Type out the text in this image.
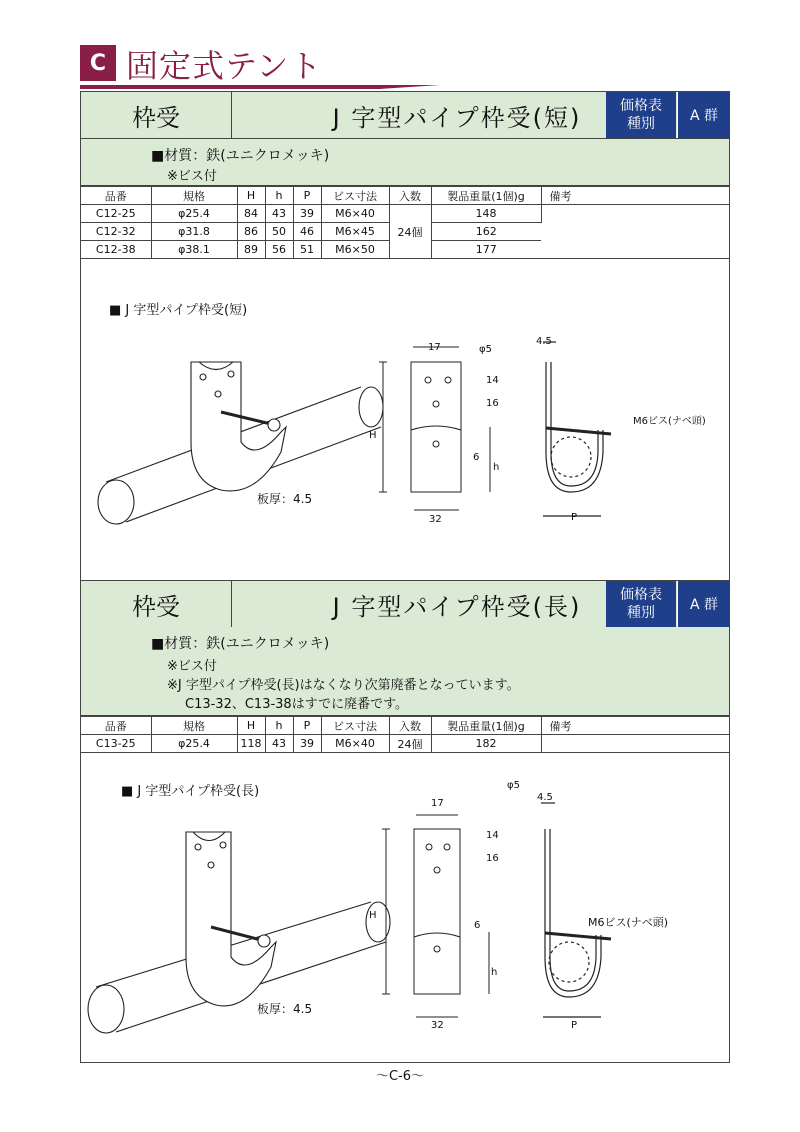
C 固定式テント
枠受	J 字型パイプ枠受(短)	価格表
種別	A 群
■材質：鉄(ユニクロメッキ)
※ビス付
品番	規格	H	h	P	ビス寸法	入数	製品重量(1個)g	備考
C12-25	φ25.4	84	43	39	M6×40	24個	148	
C12-32	φ31.8	86	50	46	M6×45		162	
C12-38	φ38.1	89	56	51	M6×50		177	
■ J 字型パイプ枠受(短)
板厚：4.5
17	φ5
14
16
H
6
h
32
4.5
M6ビス(ナベ頭)
P
枠受	J 字型パイプ枠受(長)	価格表
種別	A 群
■材質：鉄(ユニクロメッキ)
※ビス付
※J 字型パイプ枠受(長)はなくなり次第廃番となっています。
C13-32、C13-38はすでに廃番です。
品番	規格	H	h	P	ビス寸法	入数	製品重量(1個)g	備考
C13-25	φ25.4	118	43	39	M6×40	24個	182	
■ J 字型パイプ枠受(長)
板厚：4.5
17
φ5
14
16
H
6
h
32
4.5
M6ビス(ナベ頭)
P
～C-6～
